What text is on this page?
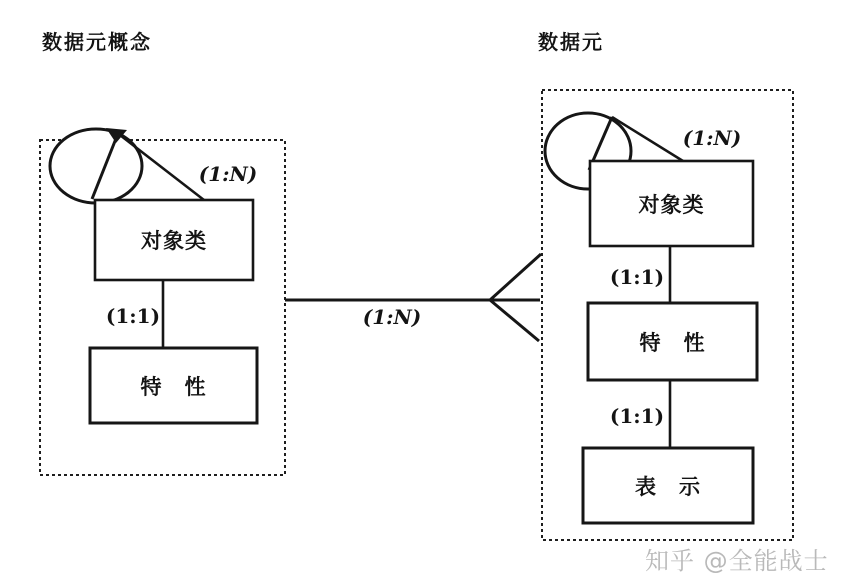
数据元概念	数据元
对象类
特　性
对象类
特　性
表　示
(1:N)
(1:1)	(1:N)
(1:N)
(1:1)
(1:1)
知乎 @全能战士
